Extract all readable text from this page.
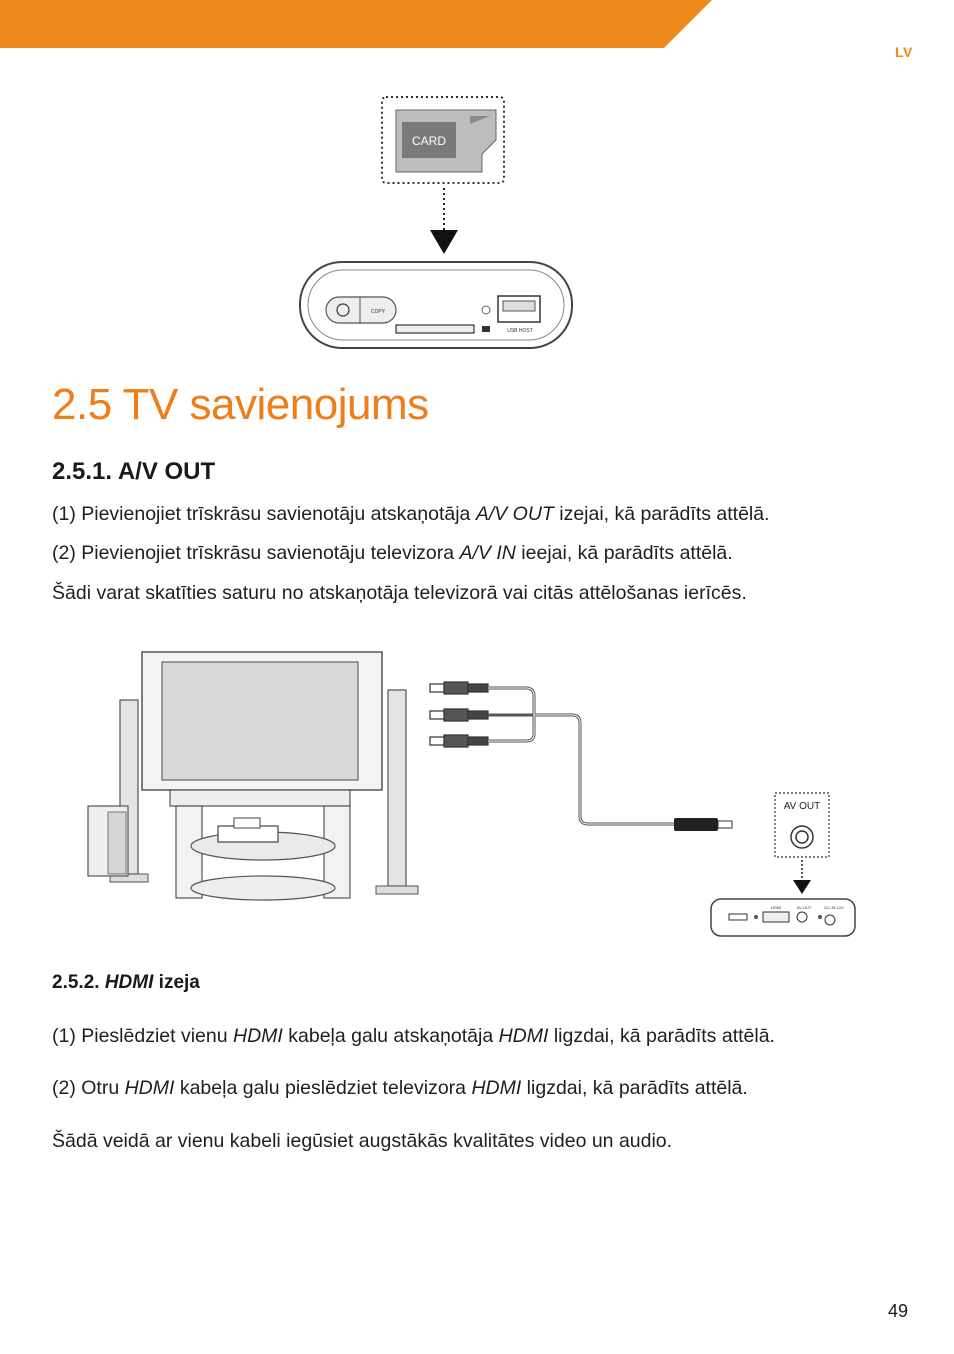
LV
CARD
COPY
USB HOST
2.5 TV savienojums
2.5.1. A/V OUT
(1) Pievienojiet trīskrāsu savienotāju atskaņotāja A/V OUT izejai, kā parādīts attēlā.
(2) Pievienojiet trīskrāsu savienotāju televizora A/V IN ieejai, kā parādīts attēlā.
Šādi varat skatīties saturu no atskaņotāja televizorā vai citās attēlošanas ierīcēs.
AV OUT
HDMI	AV OUT	DC-IN 12V
2.5.2. HDMI izeja
(1) Pieslēdziet vienu HDMI kabeļa galu atskaņotāja HDMI ligzdai, kā parādīts attēlā.
(2) Otru HDMI kabeļa galu pieslēdziet televizora HDMI ligzdai, kā parādīts attēlā.
Šādā veidā ar vienu kabeli iegūsiet augstākās kvalitātes video un audio.
49
